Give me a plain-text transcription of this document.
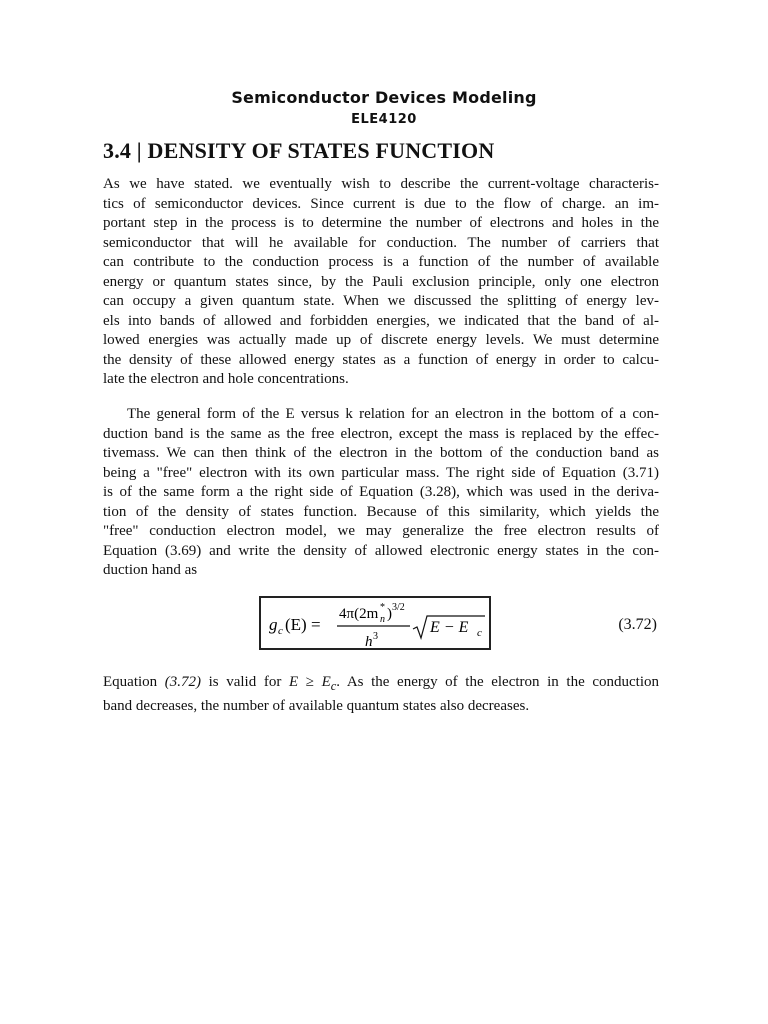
Semiconductor Devices Modeling
ELE4120
3.4 | DENSITY OF STATES FUNCTION
As we have stated. we eventually wish to describe the current-voltage characteris-
tics of semiconductor devices. Since current is due to the flow of charge. an im-
portant step in the process is to determine the number of electrons and holes in the
semiconductor that will he available for conduction. The number of carriers that
can contribute to the conduction process is a function of the number of available
energy or quantum states since, by the Pauli exclusion principle, only one electron
can occupy a given quantum state. When we discussed the splitting of energy lev-
els into bands of allowed and forbidden energies, we indicated that the band of al-
lowed energies was actually made up of discrete energy levels. We must determine
the density of these allowed energy states as a function of energy in order to calcu-
late the electron and hole concentrations.
The general form of the E versus k relation for an electron in the bottom of a con-
duction band is the same as the free electron, except the mass is replaced by the effec-
tivemass. We can then think of the electron in the bottom of the conduction band as
being a "free" electron with its own particular mass. The right side of Equation (3.71)
is of the same form a the right side of Equation (3.28), which was used in the deriva-
tion of the density of states function. Because of this similarity, which yields the
"free" conduction electron model, we may generalize the free electron results of
Equation (3.69) and write the density of allowed electronic energy states in the con-
duction hand as
g c (E) =
4π(2m *
n ) 3/2
h 3
E − E c	(3.72)
Equation (3.72) is valid for $E \ge E_c$. As the energy of the electron in the conduction
band decreases, the number of available quantum states also decreases.
